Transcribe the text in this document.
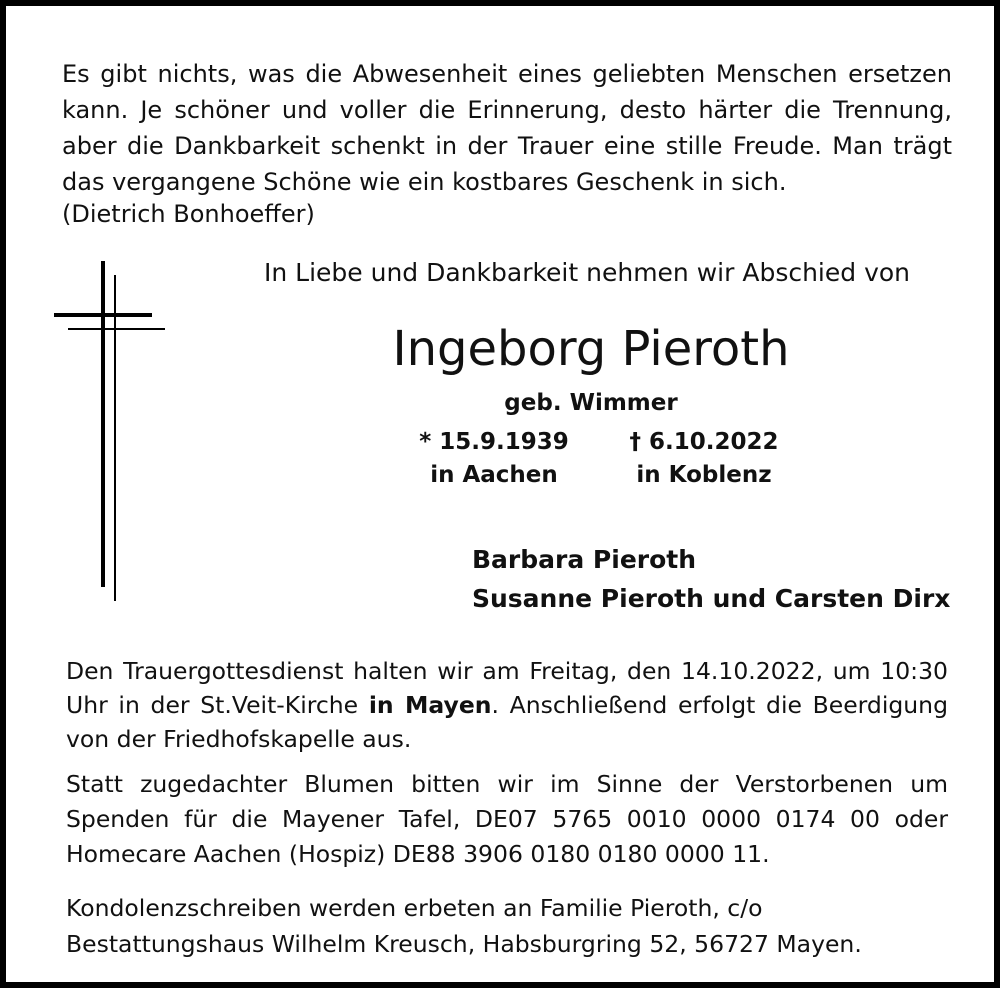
Es gibt nichts, was die Abwesenheit eines geliebten Menschen ersetzen
kann. Je schöner und voller die Erinnerung, desto härter die Trennung,
aber die Dankbarkeit schenkt in der Trauer eine stille Freude. Man trägt
das vergangene Schöne wie ein kostbares Geschenk in sich.
(Dietrich Bonhoeffer)
In Liebe und Dankbarkeit nehmen wir Abschied von
Ingeborg Pieroth
geb. Wimmer
* 15.9.1939
in Aachen
† 6.10.2022
in Koblenz
Barbara Pieroth
Susanne Pieroth und Carsten Dirx
Den Trauergottesdienst halten wir am Freitag, den 14.10.2022, um 10:30
Uhr in der St.Veit-Kirche in Mayen. Anschließend erfolgt die Beerdigung
von der Friedhofskapelle aus.
Statt zugedachter Blumen bitten wir im Sinne der Verstorbenen um
Spenden für die Mayener Tafel, DE07 5765 0010 0000 0174 00 oder
Homecare Aachen (Hospiz) DE88 3906 0180 0180 0000 11.
Kondolenzschreiben werden erbeten an Familie Pieroth, c/o
Bestattungshaus Wilhelm Kreusch, Habsburgring 52, 56727 Mayen.
